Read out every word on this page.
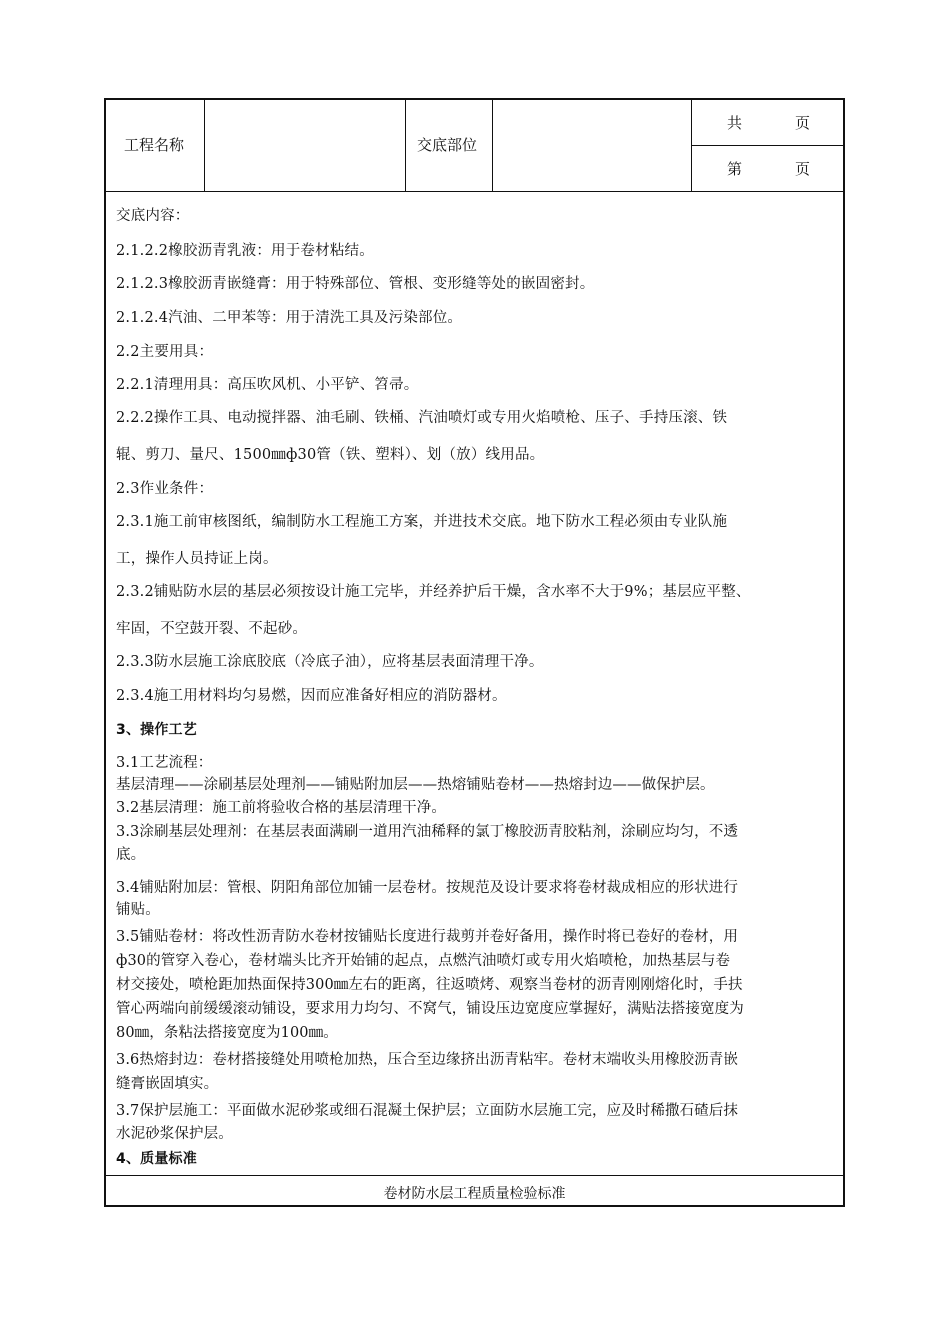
工程名称	交底部位
共	页
第	页
交底内容：
2.1.2.2橡胶沥青乳液：用于卷材粘结。
2.1.2.3橡胶沥青嵌缝膏：用于特殊部位、管根、变形缝等处的嵌固密封。
2.1.2.4汽油、二甲苯等：用于清洗工具及污染部位。
2.2主要用具：
2.2.1清理用具：高压吹风机、小平铲、笤帚。
2.2.2操作工具、电动搅拌器、油毛刷、铁桶、汽油喷灯或专用火焰喷枪、压子、手持压滚、铁
辊、剪刀、量尺、1500㎜ф30管（铁、塑料）、划（放）线用品。
2.3作业条件：
2.3.1施工前审核图纸，编制防水工程施工方案，并进技术交底。地下防水工程必须由专业队施
工，操作人员持证上岗。
2.3.2铺贴防水层的基层必须按设计施工完毕，并经养护后干燥，含水率不大于9%；基层应平整、
牢固，不空鼓开裂、不起砂。
2.3.3防水层施工涂底胶底（冷底子油），应将基层表面清理干净。
2.3.4施工用材料均匀易燃，因而应准备好相应的消防器材。
3、操作工艺
3.1工艺流程：
基层清理——涂刷基层处理剂——铺贴附加层——热熔铺贴卷材——热熔封边——做保护层。
3.2基层清理：施工前将验收合格的基层清理干净。
3.3涂刷基层处理剂：在基层表面满刷一道用汽油稀释的氯丁橡胶沥青胶粘剂，涂刷应均匀，不透
底。
3.4铺贴附加层：管根、阴阳角部位加铺一层卷材。按规范及设计要求将卷材裁成相应的形状进行
铺贴。
3.5铺贴卷材：将改性沥青防水卷材按铺贴长度进行裁剪并卷好备用，操作时将已卷好的卷材，用
ф30的管穿入卷心，卷材端头比齐开始铺的起点，点燃汽油喷灯或专用火焰喷枪，加热基层与卷
材交接处，喷枪距加热面保持300㎜左右的距离，往返喷烤、观察当卷材的沥青刚刚熔化时，手扶
管心两端向前缓缓滚动铺设，要求用力均匀、不窝气，铺设压边宽度应掌握好，满贴法搭接宽度为
80㎜，条粘法搭接宽度为100㎜。
3.6热熔封边：卷材搭接缝处用喷枪加热，压合至边缘挤出沥青粘牢。卷材末端收头用橡胶沥青嵌
缝膏嵌固填实。
3.7保护层施工：平面做水泥砂浆或细石混凝土保护层；立面防水层施工完，应及时稀撒石碴后抹
水泥砂浆保护层。
4、质量标准
卷材防水层工程质量检验标准
